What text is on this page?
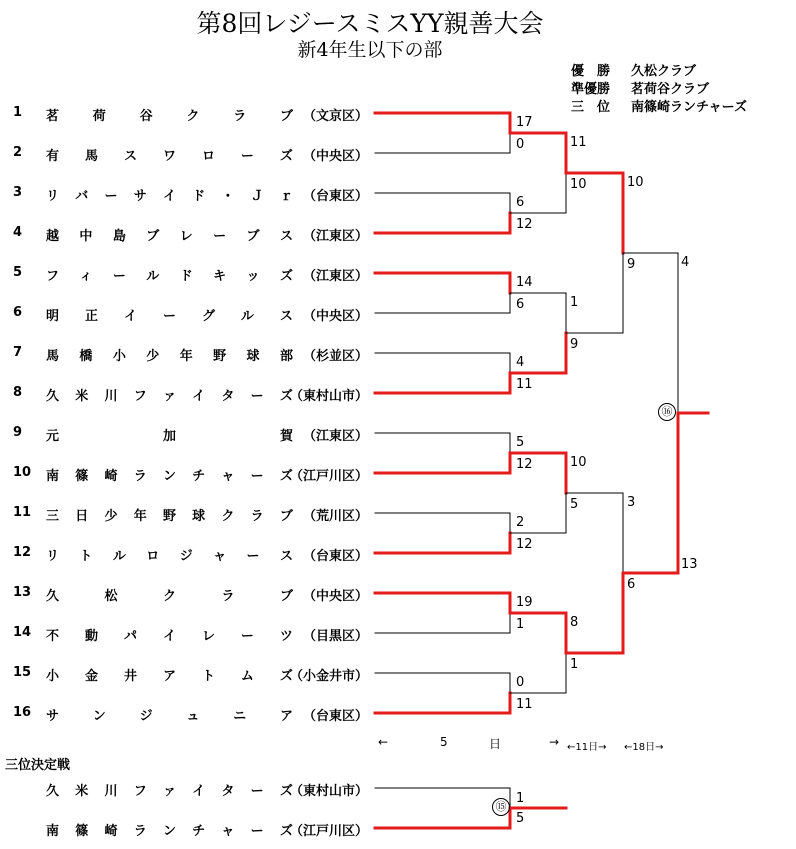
第8回レジースミスYY親善大会
新4年生以下の部
優　勝 久松クラブ
準優勝 茗荷谷クラブ
三　位 南篠崎ランチャーズ
1 茗	荷	谷	ク	ラ	ブ （文京区）
2 有 馬 ス ワ ロ ー ズ （中央区）
3 リ バ ー サ イ ド ・ Ｊ ｒ （台東区）
4 越 中 島 ブ レ ー ブ ス （江東区）
5 フ ィ ー ル ド キ ッ ズ （江東区）
6 明 正 イ ー グ ル ス （中央区）
7 馬 橋 小 少 年 野 球 部 （杉並区）
8 久 米 川 フ ァ イ タ ー ズ
（東村山市）
9 元	加	賀 （江東区）
10 南 篠 崎 ラ ン チ ャ ー ズ
（江戸川区）
11 三 日 少 年 野 球 ク ラ ブ （荒川区）
12 リ ト ル ロ ジ ャ ー ス （台東区）
13 久	松	ク	ラ	ブ （中央区）
14 不 動 パ イ レ ー ツ （目黒区）
15 小 金 井 ア ト ム ズ
（小金井市）
16 サ	ン	ジ	ュ	ニ	ア （台東区）
17
0
6
12
14
6
4
11
5
12
2
12
19
1
0
11
11
10
1
9
10
5
8
1
10
9
3
6
4
13
⑯
1
5
⑮
←	5	日	→ ←11日→ ←18日→
三位決定戦
久 米 川 フ ァ イ タ ー ズ
（東村山市）
南 篠 崎 ラ ン チ ャ ー ズ
（江戸川区）
